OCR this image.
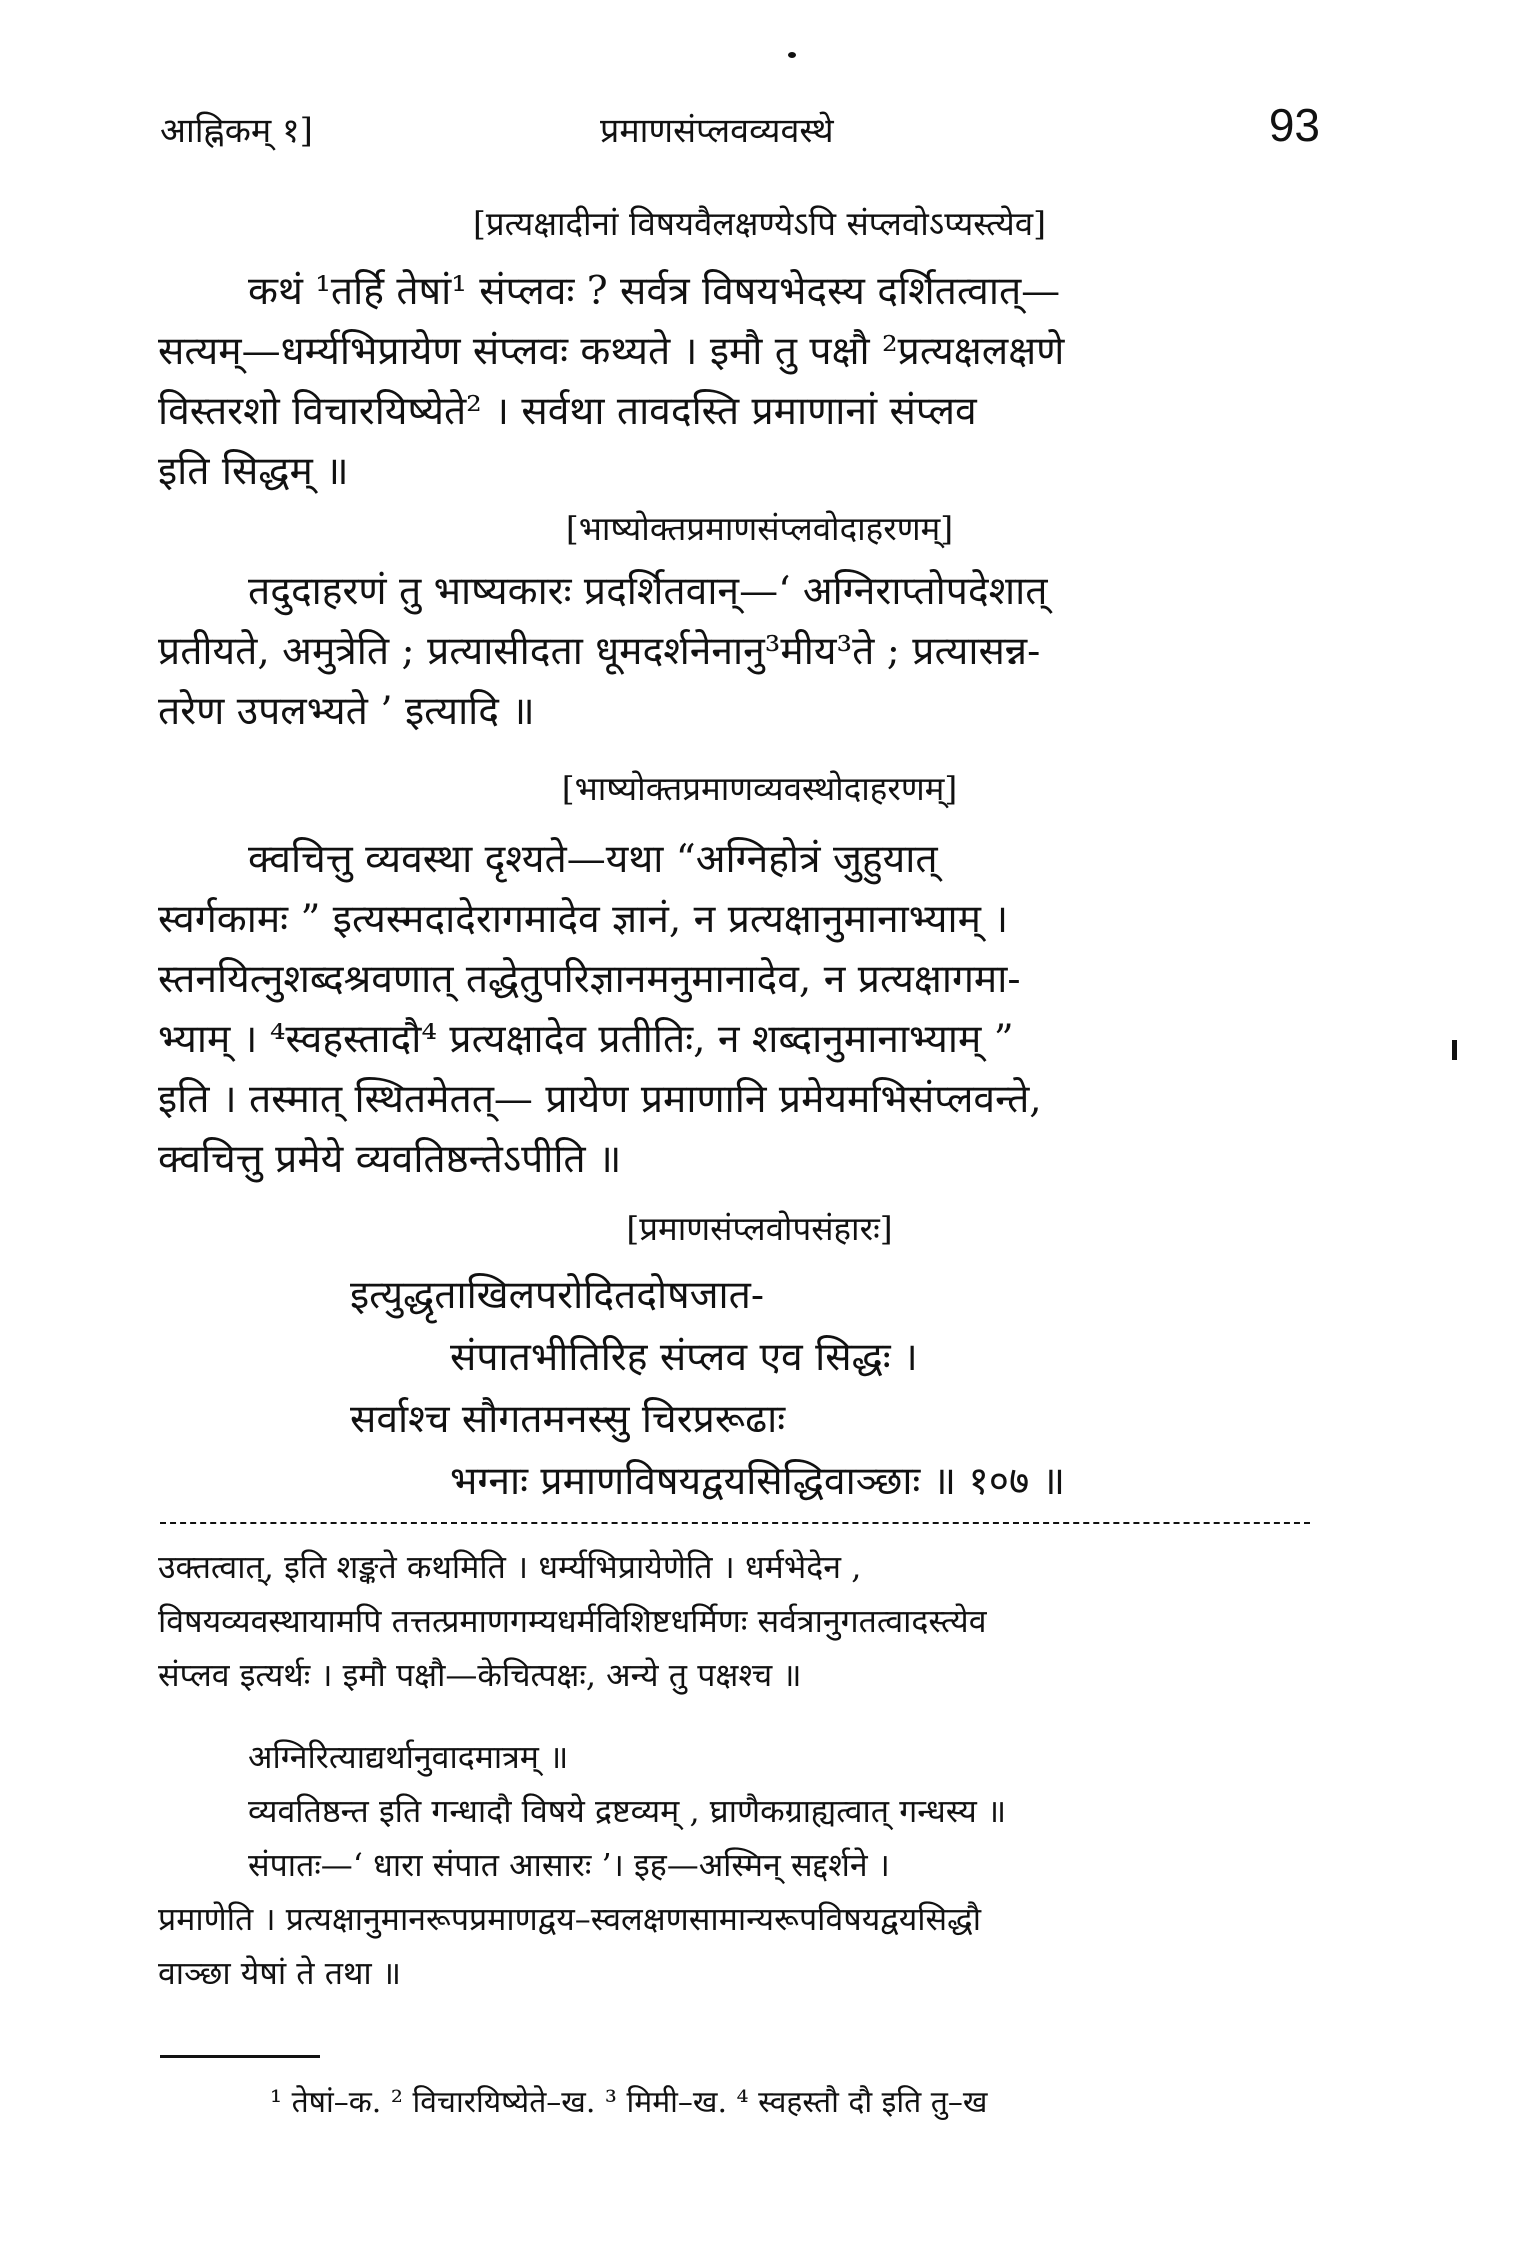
आह्निकम् १]	प्रमाणसंप्लवव्यवस्थे	93
[प्रत्यक्षादीनां विषयवैलक्षण्येऽपि संप्लवोऽप्यस्त्येव]
कथं ¹तर्हि तेषां¹ संप्लवः ? सर्वत्र विषयभेदस्य दर्शितत्वात्—
सत्यम्—धर्म्यभिप्रायेण संप्लवः कथ्यते । इमौ तु पक्षौ ²प्रत्यक्षलक्षणे
विस्तरशो विचारयिष्येते² । सर्वथा तावदस्ति प्रमाणानां संप्लव
इति सिद्धम् ॥
[भाष्योक्तप्रमाणसंप्लवोदाहरणम्]
तदुदाहरणं तु भाष्यकारः प्रदर्शितवान्—‘ अग्निराप्तोपदेशात्
प्रतीयते, अमुत्रेति ; प्रत्यासीदता धूमदर्शनेनानु³मीय³ते ; प्रत्यासन्न-
तरेण उपलभ्यते ’ इत्यादि ॥
[भाष्योक्तप्रमाणव्यवस्थोदाहरणम्]
क्वचित्तु व्यवस्था दृश्यते—यथा “अग्निहोत्रं जुहुयात्
स्वर्गकामः ” इत्यस्मदादेरागमादेव ज्ञानं, न प्रत्यक्षानुमानाभ्याम् ।
स्तनयित्नुशब्दश्रवणात् तद्धेतुपरिज्ञानमनुमानादेव, न प्रत्यक्षागमा-
भ्याम् । ⁴स्वहस्तादौ⁴ प्रत्यक्षादेव प्रतीतिः, न शब्दानुमानाभ्याम् ”
इति । तस्मात् स्थितमेतत्— प्रायेण प्रमाणानि प्रमेयमभिसंप्लवन्ते,
क्वचित्तु प्रमेये व्यवतिष्ठन्तेऽपीति ॥
[प्रमाणसंप्लवोपसंहारः]
इत्युद्धृताखिलपरोदितदोषजात-
संपातभीतिरिह संप्लव एव सिद्धः ।
सर्वाश्च सौगतमनस्सु चिरप्ररूढाः
भग्नाः प्रमाणविषयद्वयसिद्धिवाञ्छाः ॥ १०७ ॥
उक्तत्वात्, इति शङ्कते कथमिति । धर्म्यभिप्रायेणेति । धर्मभेदेन ,
विषयव्यवस्थायामपि तत्तत्प्रमाणगम्यधर्मविशिष्टधर्मिणः सर्वत्रानुगतत्वादस्त्येव
संप्लव इत्यर्थः । इमौ पक्षौ—केचित्पक्षः, अन्ये तु पक्षश्च ॥
अग्निरित्याद्यर्थानुवादमात्रम् ॥
व्यवतिष्ठन्त इति गन्धादौ विषये द्रष्टव्यम् , घ्राणैकग्राह्यत्वात् गन्धस्य ॥
संपातः—‘ धारा संपात आसारः ’। इह—अस्मिन् सद्दर्शने ।
प्रमाणेति । प्रत्यक्षानुमानरूपप्रमाणद्वय–स्वलक्षणसामान्यरूपविषयद्वयसिद्धौ
वाञ्छा येषां ते तथा ॥
¹ तेषां–क. ² विचारयिष्येते–ख. ³ मिमी–ख. ⁴ स्वहस्तौ दौ इति तु–ख
